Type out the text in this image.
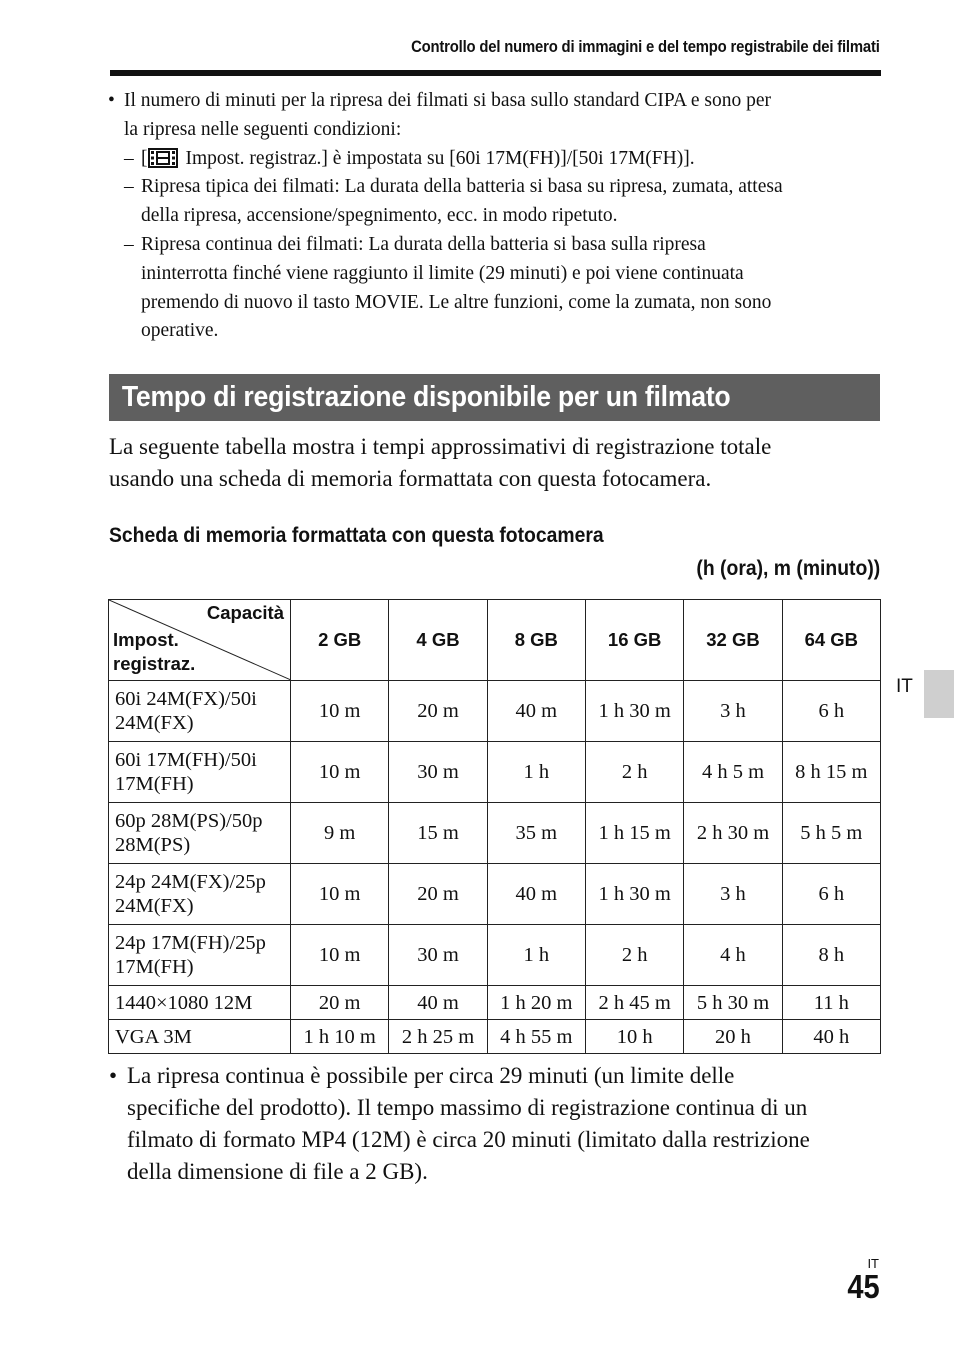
Controllo del numero di immagini e del tempo registrabile dei filmati
• Il numero di minuti per la ripresa dei filmati si basa sullo standard CIPA e sono per
la ripresa nelle seguenti condizioni:
– [ Impost. registraz.] è impostata su [60i 17M(FH)]/[50i 17M(FH)].
– Ripresa tipica dei filmati: La durata della batteria si basa su ripresa, zumata, attesa
della ripresa, accensione/spegnimento, ecc. in modo ripetuto.
– Ripresa continua dei filmati: La durata della batteria si basa sulla ripresa
ininterrotta finché viene raggiunto il limite (29 minuti) e poi viene continuata
premendo di nuovo il tasto MOVIE. Le altre funzioni, come la zumata, non sono
operative.
Tempo di registrazione disponibile per un filmato

La seguente tabella mostra i tempi approssimativi di registrazione totale
usando una scheda di memoria formattata con questa fotocamera.

Scheda di memoria formattata con questa fotocamera
(h (ora), m (minuto))
Capacità
Impost.
registraz.	2 GB	4 GB	8 GB	16 GB	32 GB	64 GB
60i 24M(FX)/50i
24M(FX)	10 m	20 m	40 m	1 h 30 m	3 h	6 h
60i 17M(FH)/50i
17M(FH)	10 m	30 m	1 h	2 h	4 h 5 m	8 h 15 m
60p 28M(PS)/50p
28M(PS)	9 m	15 m	35 m	1 h 15 m	2 h 30 m	5 h 5 m
24p 24M(FX)/25p
24M(FX)	10 m	20 m	40 m	1 h 30 m	3 h	6 h
24p 17M(FH)/25p
17M(FH)	10 m	30 m	1 h	2 h	4 h	8 h
1440×1080 12M	20 m	40 m	1 h 20 m	2 h 45 m	5 h 30 m	11 h
VGA 3M	1 h 10 m	2 h 25 m	4 h 55 m	10 h	20 h	40 h
• La ripresa continua è possibile per circa 29 minuti (un limite delle
specifiche del prodotto). Il tempo massimo di registrazione continua di un
filmato di formato MP4 (12M) è circa 20 minuti (limitato dalla restrizione
della dimensione di file a 2 GB).
IT
IT
45
